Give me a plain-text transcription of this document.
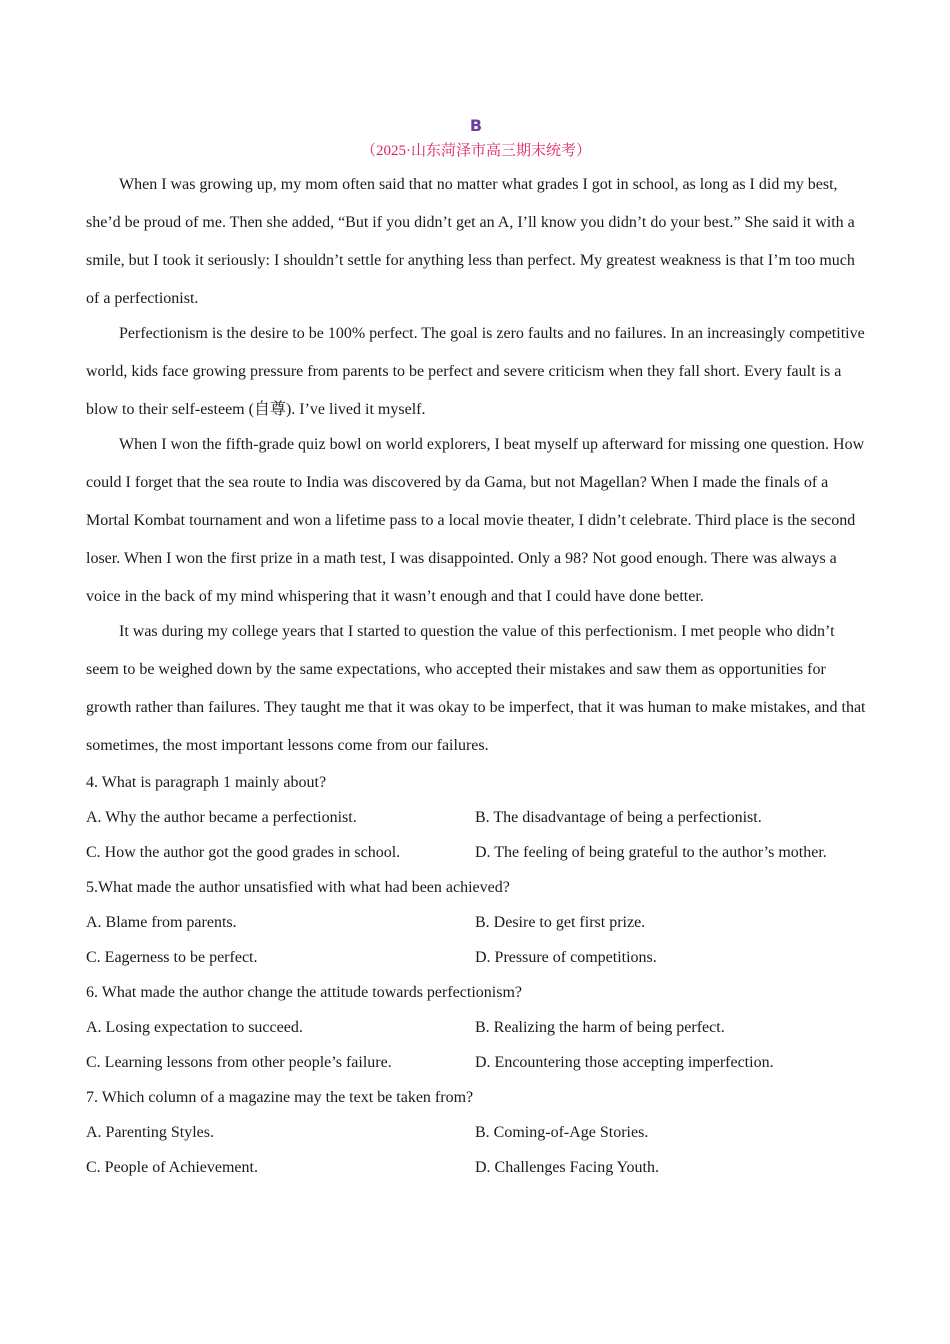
B

（2025·山东菏泽市高三期末统考）

When I was growing up, my mom often said that no matter what grades I got in school, as long as I did my best, she’d be proud of me. Then she added, “But if you didn’t get an A, I’ll know you didn’t do your best.” She said it with a smile, but I took it seriously: I shouldn’t settle for anything less than perfect. My greatest weakness is that I’m too much of a perfectionist.

Perfectionism is the desire to be 100% perfect. The goal is zero faults and no failures. In an increasingly competitive world, kids face growing pressure from parents to be perfect and severe criticism when they fall short. Every fault is a blow to their self-esteem (自尊). I’ve lived it myself.

When I won the fifth-grade quiz bowl on world explorers, I beat myself up afterward for missing one question. How could I forget that the sea route to India was discovered by da Gama, but not Magellan? When I made the finals of a Mortal Kombat tournament and won a lifetime pass to a local movie theater, I didn’t celebrate. Third place is the second loser. When I won the first prize in a math test, I was disappointed. Only a 98? Not good enough. There was always a voice in the back of my mind whispering that it wasn’t enough and that I could have done better.

It was during my college years that I started to question the value of this perfectionism. I met people who didn’t seem to be weighed down by the same expectations, who accepted their mistakes and saw them as opportunities for growth rather than failures. They taught me that it was okay to be imperfect, that it was human to make mistakes, and that sometimes, the most important lessons come from our failures.

4. What is paragraph 1 mainly about?

A. Why the author became a perfectionist.	B. The disadvantage of being a perfectionist.
C. How the author got the good grades in school.	D. The feeling of being grateful to the author’s mother.

5.What made the author unsatisfied with what had been achieved?

A. Blame from parents.	B. Desire to get first prize.
C. Eagerness to be perfect.	D. Pressure of competitions.

6. What made the author change the attitude towards perfectionism?

A. Losing expectation to succeed.	B. Realizing the harm of being perfect.
C. Learning lessons from other people’s failure.	D. Encountering those accepting imperfection.

7. Which column of a magazine may the text be taken from?

A. Parenting Styles.	B. Coming-of-Age Stories.
C. People of Achievement.	D. Challenges Facing Youth.
